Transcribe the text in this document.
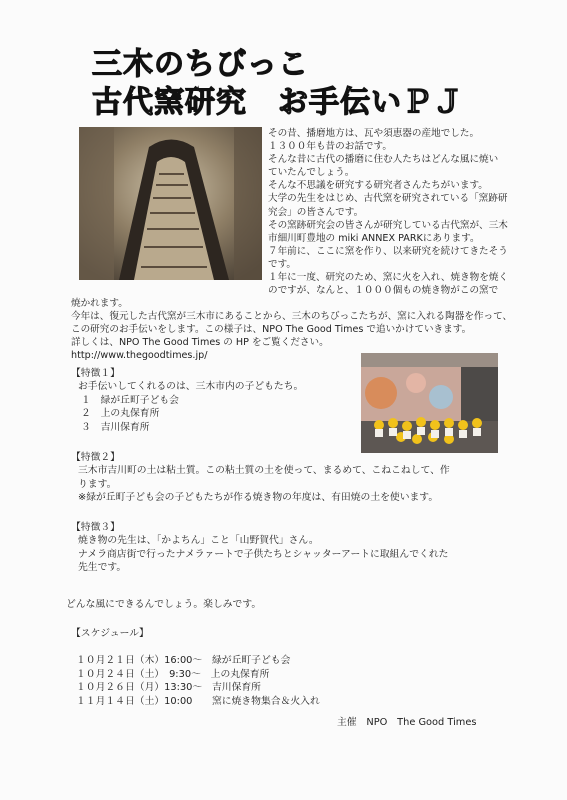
三木のちびっこ
古代窯研究　お手伝いＰＪ

その昔、播磨地方は、瓦や須恵器の産地でした。

１３００年も昔のお話です。

そんな昔に古代の播磨に住む人たちはどんな風に焼い

ていたんでしょう。

そんな不思議を研究する研究者さんたちがいます。

大学の先生をはじめ、古代窯を研究されている「窯跡研

究会」の皆さんです。

その窯跡研究会の皆さんが研究している古代窯が、三木

市細川町豊地の miki ANNEX PARKにあります。

７年前に、ここに窯を作り、以来研究を続けてきたそう

です。

１年に一度、研究のため、窯に火を入れ、焼き物を焼く

のですが、なんと、１０００個もの焼き物がこの窯で

焼かれます。

今年は、復元した古代窯が三木市にあることから、三木のちびっこたちが、窯に入れる陶器を作って、

この研究のお手伝いをします。この様子は、NPO The Good Times で追いかけていきます。

詳しくは、NPO The Good Times の HP をご覧ください。

http://www.thegoodtimes.jp/

【特徴１】

お手伝いしてくれるのは、三木市内の子どもたち。

１　緑が丘町子ども会

２　上の丸保育所

３　吉川保育所

【特徴２】

三木市吉川町の土は粘土質。この粘土質の土を使って、まるめて、こねこねして、作

ります。

※緑が丘町子ども会の子どもたちが作る焼き物の年度は、有田焼の土を使います。

【特徴３】

焼き物の先生は、「かよちん」こと「山野賀代」さん。

ナメラ商店街で行ったナメラァートで子供たちとシャッターアートに取組んでくれた

先生です。

どんな風にできるんでしょう。楽しみです。
【スケジュール】

１０月２１日（木）16:00～　緑が丘町子ども会

１０月２４日（土）　9:30～　上の丸保育所

１０月２６日（月）13:30～　吉川保育所

１１月１４日（土）10:00　　窯に焼き物集合＆火入れ

主催　NPO　The Good Times
